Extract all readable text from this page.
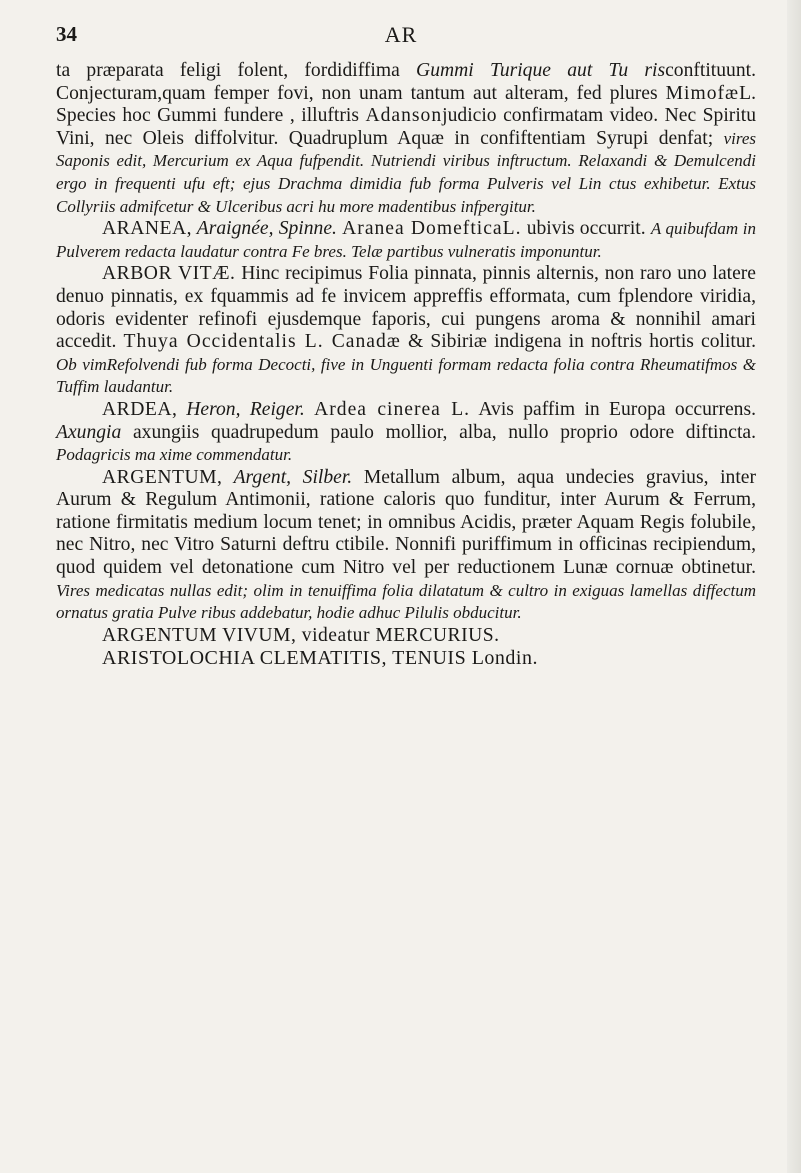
34	AR

ta præparata feligi folent, fordidiffima Gummi Turique aut Tu risconftituunt. Conjecturam,quam femper fovi, non unam tantum aut alteram, fed plures MimofæL. Species hoc Gummi fundere , illuftris Adansonjudicio confirmatam video. Nec Spiritu Vini, nec Oleis diffolvitur. Quadruplum Aquæ in confiftentiam Syrupi denfat; vires Saponis edit, Mercurium ex Aqua fufpendit. Nutriendi viribus inftructum. Relaxandi & Demulcendi ergo in frequenti ufu eft; ejus Drachma dimidia fub forma Pulveris vel Lin ctus exhibetur. Extus Collyriis admifcetur & Ulceribus acri hu more madentibus infpergitur.

ARANEA, Araignée, Spinne. Aranea DomefticaL. ubivis occurrit. A quibufdam in Pulverem redacta laudatur contra Fe bres. Telæ partibus vulneratis imponuntur.

ARBOR VITÆ. Hinc recipimus Folia pinnata, pinnis alternis, non raro uno latere denuo pinnatis, ex fquammis ad fe invicem appreffis efformata, cum fplendore viridia, odoris evidenter refinofi ejusdemque faporis, cui pungens aroma & nonnihil amari accedit. Thuya Occidentalis L. Canadæ & Sibiriæ indigena in noftris hortis colitur. Ob vimRefolvendi fub forma Decocti, five in Unguenti formam redacta folia contra Rheumatifmos & Tuffim laudantur.

ARDEA, Heron, Reiger. Ardea cinerea L. Avis paffim in Europa occurrens. Axungia axungiis quadrupedum paulo mollior, alba, nullo proprio odore diftincta. Podagricis ma xime commendatur.

ARGENTUM, Argent, Silber. Metallum album, aqua undecies gravius, inter Aurum & Regulum Antimonii, ratione caloris quo funditur, inter Aurum & Ferrum, ratione firmitatis medium locum tenet; in omnibus Acidis, præter Aquam Regis folubile, nec Nitro, nec Vitro Saturni deftru ctibile. Nonnifi puriffimum in officinas recipiendum, quod quidem vel detonatione cum Nitro vel per reductionem Lunæ cornuæ obtinetur. Vires medicatas nullas edit; olim in tenuiffima folia dilatatum & cultro in exiguas lamellas diffectum ornatus gratia Pulve ribus addebatur, hodie adhuc Pilulis obducitur.

ARGENTUM VIVUM, videatur MERCURIUS.

ARISTOLOCHIA CLEMATITIS, TENUIS Londin.
